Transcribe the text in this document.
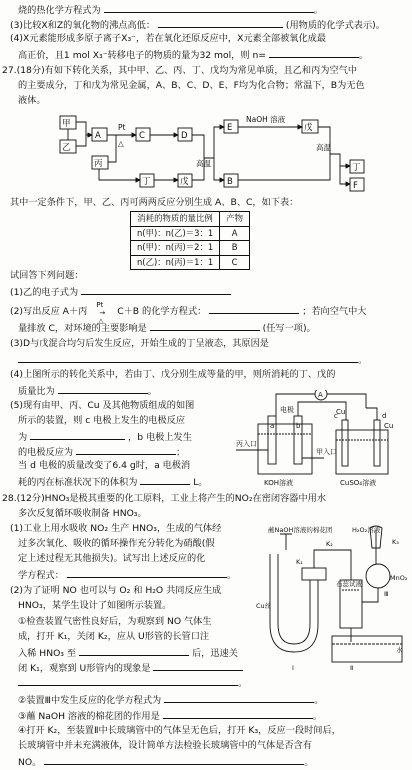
烧的热化学方程式为	。
(3)比较X和Z的氧化物的沸点高低：	(用物质的化学式表示)。
(4)X元素能形成多原子离子X₃⁻，若在氧化还原反应中，X元素全部被氧化成最
高正价，且1 mol X₃⁻转移电子的物质的量为32 mol，则 n=	。
27.(18分)有如下转化关系，其中甲、乙、丙、丁、戊均为常见单质，且乙和丙为空气中
的主要成分，丁和戊为常见金属，A、B、C、D、E、F均为化合物；常温下，B为无色
液体。
甲
乙
A
丙
C	D
丁	戊
E
B
戊
丁
F
Pt
△
高温
NaOH 溶液
高温
其中一定条件下，甲、乙、丙可两两反应分别生成 A、B、C，如下表：
消耗的物质的量比例	产物
n(甲)：n(乙)＝3：1	A
n(甲)：n(丙)＝2：1	B
n(乙)：n(丙)＝1：1	C
试回答下列问题：
(1)乙的电子式为
(2)写出反应 A＋丙
Pt
→
△
C＋B 的化学方程式：	；若向空气中大
量排放 C，对环境的主要影响是	(任写一项)。
(3)D与戊混合均匀后发生反应，开始生成的丁呈液态，其原因是
。
(4)上图所示的转化关系中，若由丁、戊分别生成等量的甲，则所消耗的丁、戊的
质量比为	。
(5)现有由甲、丙、Cu 及其他物质组成的如图
所示的装置，则 c 电极上发生的电极反应
为	，b 电极上发生
的电极反应为	；
当 d 电极的质量改变了6.4 g时，a 电极消
耗的丙在标准状况下的体积为	L。
A
电极
a	b
c	d
Cu
Cu
丙入口
甲入口
KOH溶液	CuSO₄溶液
28.(12分)HNO₃是极其重要的化工原料，工业上将产生的NO₂在密闭容器中用水
多次反复循环吸收制备 HNO₃。
(1)工业上用水吸收 NO₂ 生产 HNO₃，生成的气体经
过多次氧化、吸收的循环操作充分转化为硝酸(假
定上述过程无其他损失)。试写出上述反应的化
学方程式：	。
(2)为了证明 NO 也可以与 O₂ 和 H₂O 共同反应生成
HNO₃，某学生设计了如图所示装置。
①检查装置气密性良好后，为观察到 NO 气体生
成，打开 K₁，关闭 K₂，应从 U形管的长管口注
入稀 HNO₃ 至	后，迅速关
闭 K₁，观察到 U形管内的现象是
。
②装置Ⅲ中发生反应的化学方程式为	。
③蘸 NaOH 溶液的棉花团的作用是	。
④打开 K₂，至装置Ⅱ中长玻璃管中的气体呈无色后，打开 K₃，反应一段时间后，
长玻璃管中并未充满液体，设计简单方法检验长玻璃管中的气体是否含有
NO。	。
蘸NaOH溶液的棉花团	H₂O₂溶液
K₁
K₂	K₃
Cu丝
石蕊试液
MnO₂
水
I	Ⅱ
Ⅲ
